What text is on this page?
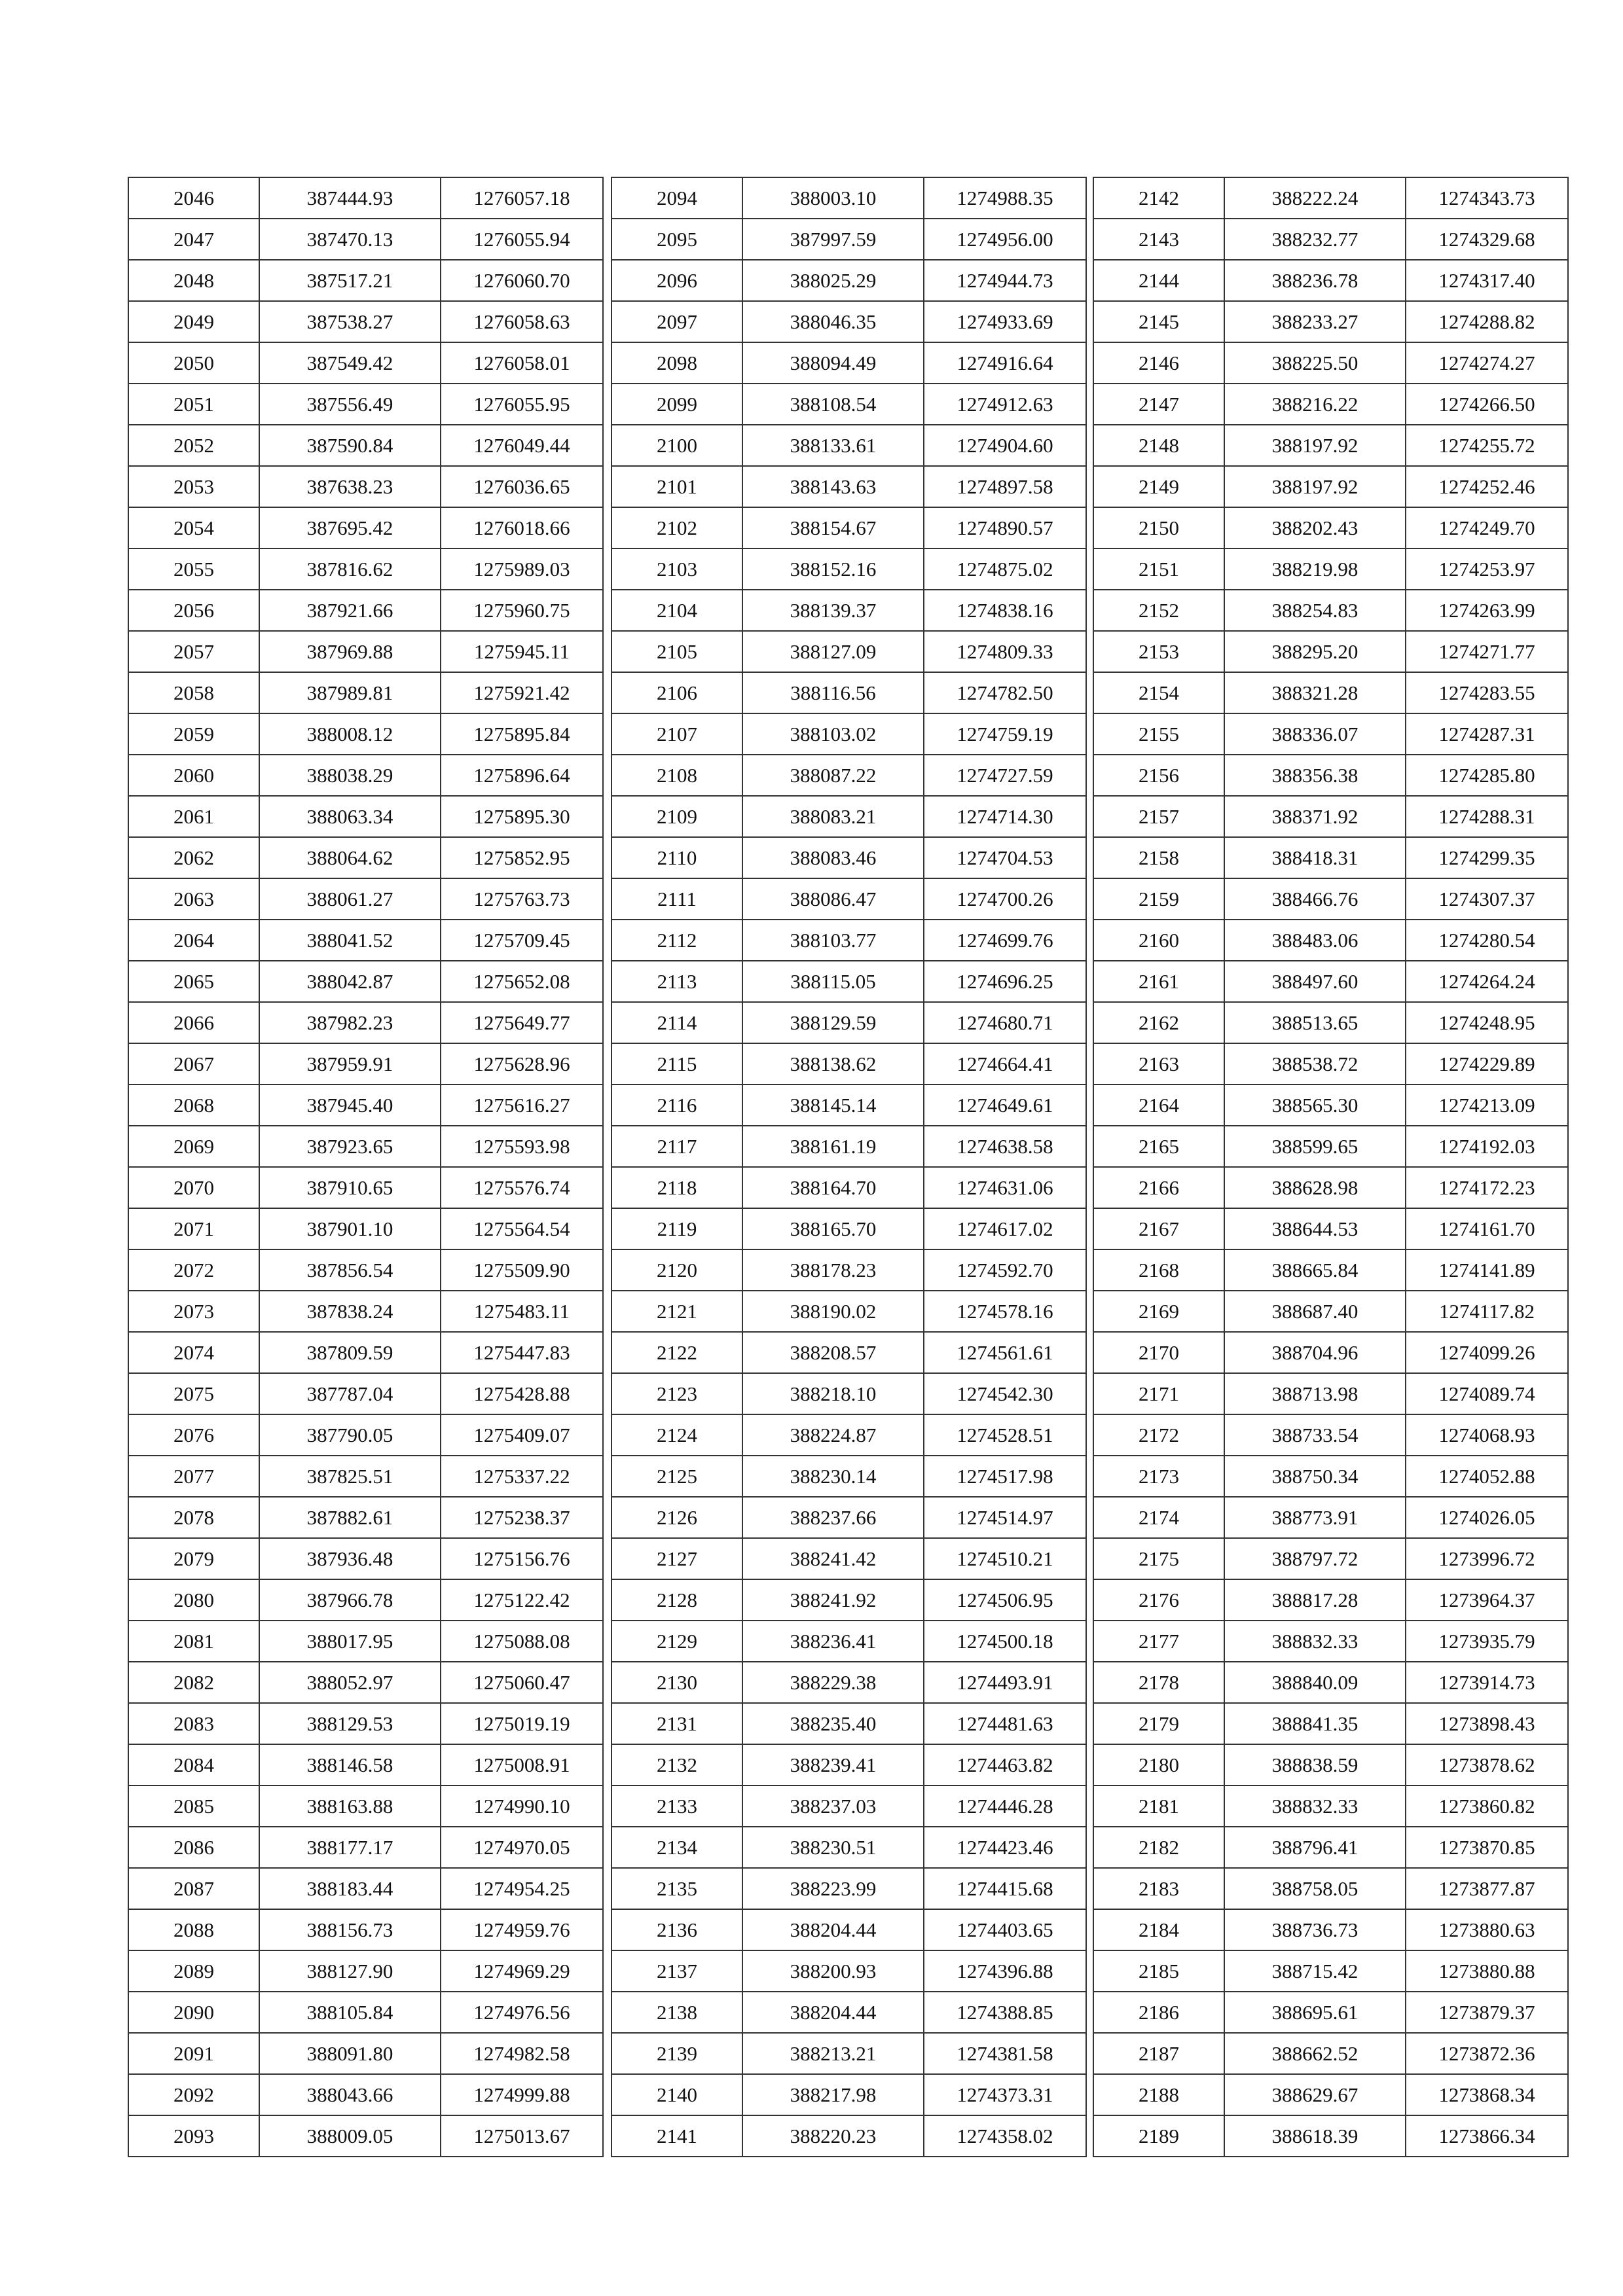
2046	387444.93	1276057.18
2047	387470.13	1276055.94
2048	387517.21	1276060.70
2049	387538.27	1276058.63
2050	387549.42	1276058.01
2051	387556.49	1276055.95
2052	387590.84	1276049.44
2053	387638.23	1276036.65
2054	387695.42	1276018.66
2055	387816.62	1275989.03
2056	387921.66	1275960.75
2057	387969.88	1275945.11
2058	387989.81	1275921.42
2059	388008.12	1275895.84
2060	388038.29	1275896.64
2061	388063.34	1275895.30
2062	388064.62	1275852.95
2063	388061.27	1275763.73
2064	388041.52	1275709.45
2065	388042.87	1275652.08
2066	387982.23	1275649.77
2067	387959.91	1275628.96
2068	387945.40	1275616.27
2069	387923.65	1275593.98
2070	387910.65	1275576.74
2071	387901.10	1275564.54
2072	387856.54	1275509.90
2073	387838.24	1275483.11
2074	387809.59	1275447.83
2075	387787.04	1275428.88
2076	387790.05	1275409.07
2077	387825.51	1275337.22
2078	387882.61	1275238.37
2079	387936.48	1275156.76
2080	387966.78	1275122.42
2081	388017.95	1275088.08
2082	388052.97	1275060.47
2083	388129.53	1275019.19
2084	388146.58	1275008.91
2085	388163.88	1274990.10
2086	388177.17	1274970.05
2087	388183.44	1274954.25
2088	388156.73	1274959.76
2089	388127.90	1274969.29
2090	388105.84	1274976.56
2091	388091.80	1274982.58
2092	388043.66	1274999.88
2093	388009.05	1275013.67
2094	388003.10	1274988.35
2095	387997.59	1274956.00
2096	388025.29	1274944.73
2097	388046.35	1274933.69
2098	388094.49	1274916.64
2099	388108.54	1274912.63
2100	388133.61	1274904.60
2101	388143.63	1274897.58
2102	388154.67	1274890.57
2103	388152.16	1274875.02
2104	388139.37	1274838.16
2105	388127.09	1274809.33
2106	388116.56	1274782.50
2107	388103.02	1274759.19
2108	388087.22	1274727.59
2109	388083.21	1274714.30
2110	388083.46	1274704.53
2111	388086.47	1274700.26
2112	388103.77	1274699.76
2113	388115.05	1274696.25
2114	388129.59	1274680.71
2115	388138.62	1274664.41
2116	388145.14	1274649.61
2117	388161.19	1274638.58
2118	388164.70	1274631.06
2119	388165.70	1274617.02
2120	388178.23	1274592.70
2121	388190.02	1274578.16
2122	388208.57	1274561.61
2123	388218.10	1274542.30
2124	388224.87	1274528.51
2125	388230.14	1274517.98
2126	388237.66	1274514.97
2127	388241.42	1274510.21
2128	388241.92	1274506.95
2129	388236.41	1274500.18
2130	388229.38	1274493.91
2131	388235.40	1274481.63
2132	388239.41	1274463.82
2133	388237.03	1274446.28
2134	388230.51	1274423.46
2135	388223.99	1274415.68
2136	388204.44	1274403.65
2137	388200.93	1274396.88
2138	388204.44	1274388.85
2139	388213.21	1274381.58
2140	388217.98	1274373.31
2141	388220.23	1274358.02
2142	388222.24	1274343.73
2143	388232.77	1274329.68
2144	388236.78	1274317.40
2145	388233.27	1274288.82
2146	388225.50	1274274.27
2147	388216.22	1274266.50
2148	388197.92	1274255.72
2149	388197.92	1274252.46
2150	388202.43	1274249.70
2151	388219.98	1274253.97
2152	388254.83	1274263.99
2153	388295.20	1274271.77
2154	388321.28	1274283.55
2155	388336.07	1274287.31
2156	388356.38	1274285.80
2157	388371.92	1274288.31
2158	388418.31	1274299.35
2159	388466.76	1274307.37
2160	388483.06	1274280.54
2161	388497.60	1274264.24
2162	388513.65	1274248.95
2163	388538.72	1274229.89
2164	388565.30	1274213.09
2165	388599.65	1274192.03
2166	388628.98	1274172.23
2167	388644.53	1274161.70
2168	388665.84	1274141.89
2169	388687.40	1274117.82
2170	388704.96	1274099.26
2171	388713.98	1274089.74
2172	388733.54	1274068.93
2173	388750.34	1274052.88
2174	388773.91	1274026.05
2175	388797.72	1273996.72
2176	388817.28	1273964.37
2177	388832.33	1273935.79
2178	388840.09	1273914.73
2179	388841.35	1273898.43
2180	388838.59	1273878.62
2181	388832.33	1273860.82
2182	388796.41	1273870.85
2183	388758.05	1273877.87
2184	388736.73	1273880.63
2185	388715.42	1273880.88
2186	388695.61	1273879.37
2187	388662.52	1273872.36
2188	388629.67	1273868.34
2189	388618.39	1273866.34
